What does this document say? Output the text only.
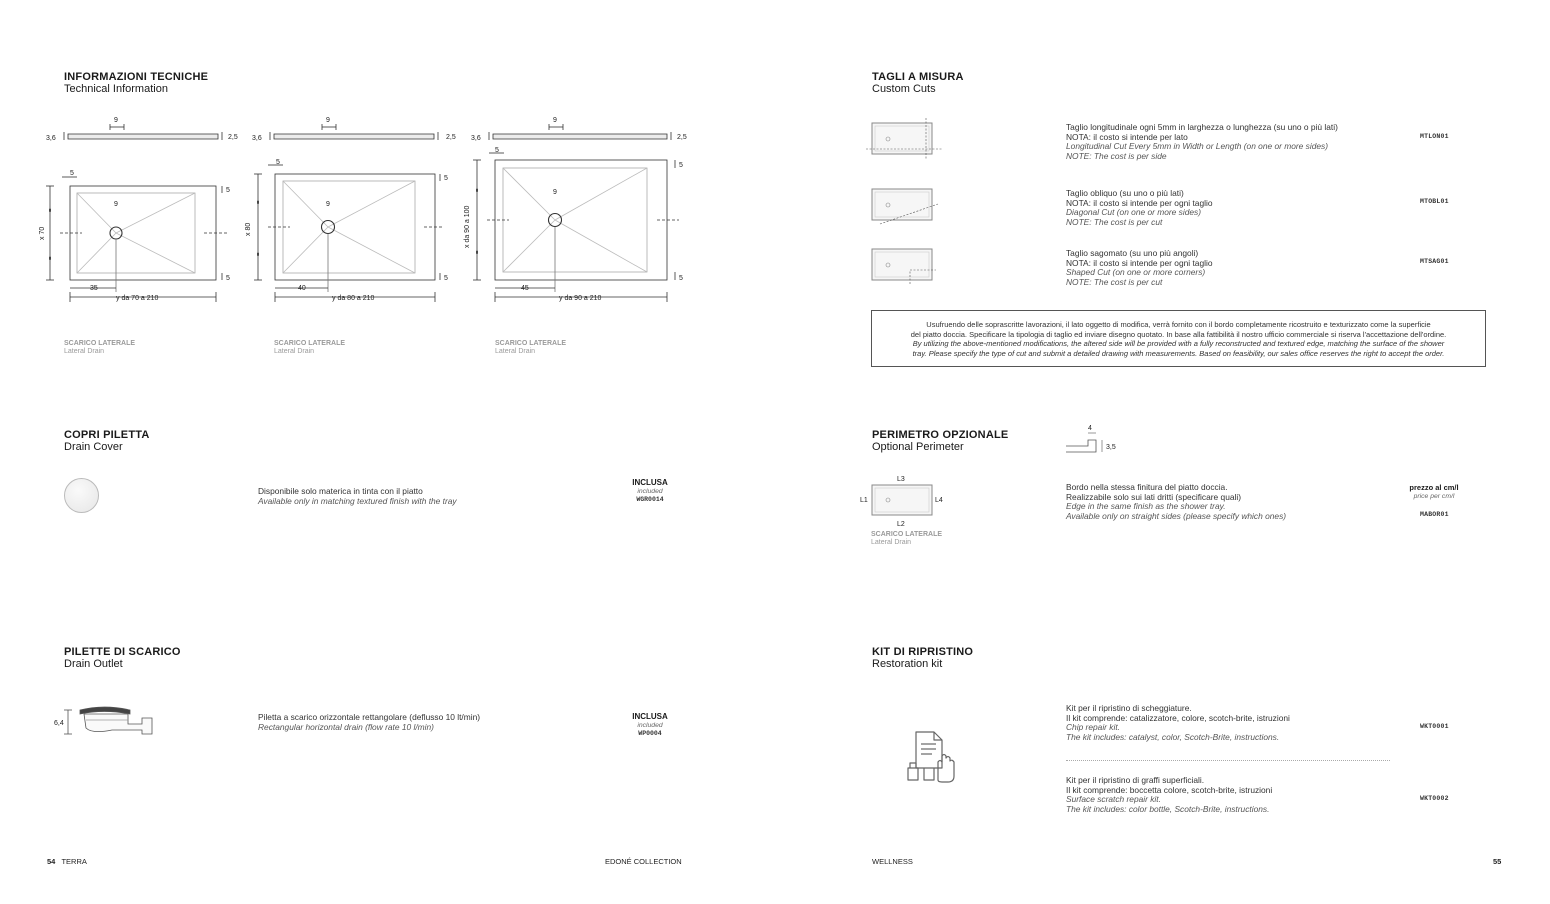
INFORMAZIONI TECNICHE
Technical Information
3,6	2,5
9
5
5
5
9
x 70
=
=
35
y da 70 a 210
3,6	2,5
9
5
5
5
9
x 80
=
=
40
y da 80 a 210
3,6	2,5
9
5
5
5
9
x da 90 a 100
=
=
45
y da 90 a 210
SCARICO LATERALE
Lateral Drain
SCARICO LATERALE
Lateral Drain
SCARICO LATERALE
Lateral Drain
COPRI PILETTA
Drain Cover
Disponibile solo materica in tinta con il piatto
Available only in matching textured finish with the tray
INCLUSA
included
WGR0014
PILETTE DI SCARICO
Drain Outlet
6,4
Piletta a scarico orizzontale rettangolare (deflusso 10 lt/min)
Rectangular horizontal drain (flow rate 10 l/min)
INCLUSA
included
WP0004
54 TERRA	EDONÉ COLLECTION
TAGLI A MISURA
Custom Cuts
Taglio longitudinale ogni 5mm in larghezza o lunghezza (su uno o più lati)
NOTA: il costo si intende per lato
Longitudinal Cut Every 5mm in Width or Length (on one or more sides)
NOTE: The cost is per side
MTLON01
Taglio obliquo (su uno o più lati)
NOTA: il costo si intende per ogni taglio
Diagonal Cut (on one or more sides)
NOTE: The cost is per cut
MTOBL01
Taglio sagomato (su uno più angoli)
NOTA: il costo si intende per ogni taglio
Shaped Cut (on one or more corners)
NOTE: The cost is per cut
MTSAG01
Usufruendo delle soprascritte lavorazioni, il lato oggetto di modifica, verrà fornito con il bordo completamente ricostruito e texturizzato come la superficie
del piatto doccia. Specificare la tipologia di taglio ed inviare disegno quotato. In base alla fattibilità il nostro ufficio commerciale si riserva l'accettazione dell'ordine.
By utilizing the above-mentioned modifications, the altered side will be provided with a fully reconstructed and textured edge, matching the surface of the shower
tray. Please specify the type of cut and submit a detailed drawing with measurements. Based on feasibility, our sales office reserves the right to accept the order.
PERIMETRO OPZIONALE
Optional Perimeter
4
3,5
L3
L1	L4
L2
SCARICO LATERALE
Lateral Drain
Bordo nella stessa finitura del piatto doccia.
Realizzabile solo sui lati dritti (specificare quali)
Edge in the same finish as the shower tray.
Available only on straight sides (please specify which ones)
prezzo al cm/l
price per cm/l
MABOR01
KIT DI RIPRISTINO
Restoration kit
Kit per il ripristino di scheggiature.
Il kit comprende: catalizzatore, colore, scotch-brite, istruzioni
Chip repair kit.
The kit includes: catalyst, color, Scotch-Brite, instructions.
WKT0001
Kit per il ripristino di graffi superficiali.
Il kit comprende: boccetta colore, scotch-brite, istruzioni
Surface scratch repair kit.
The kit includes: color bottle, Scotch-Brite, instructions.
WKT0002
WELLNESS	55
